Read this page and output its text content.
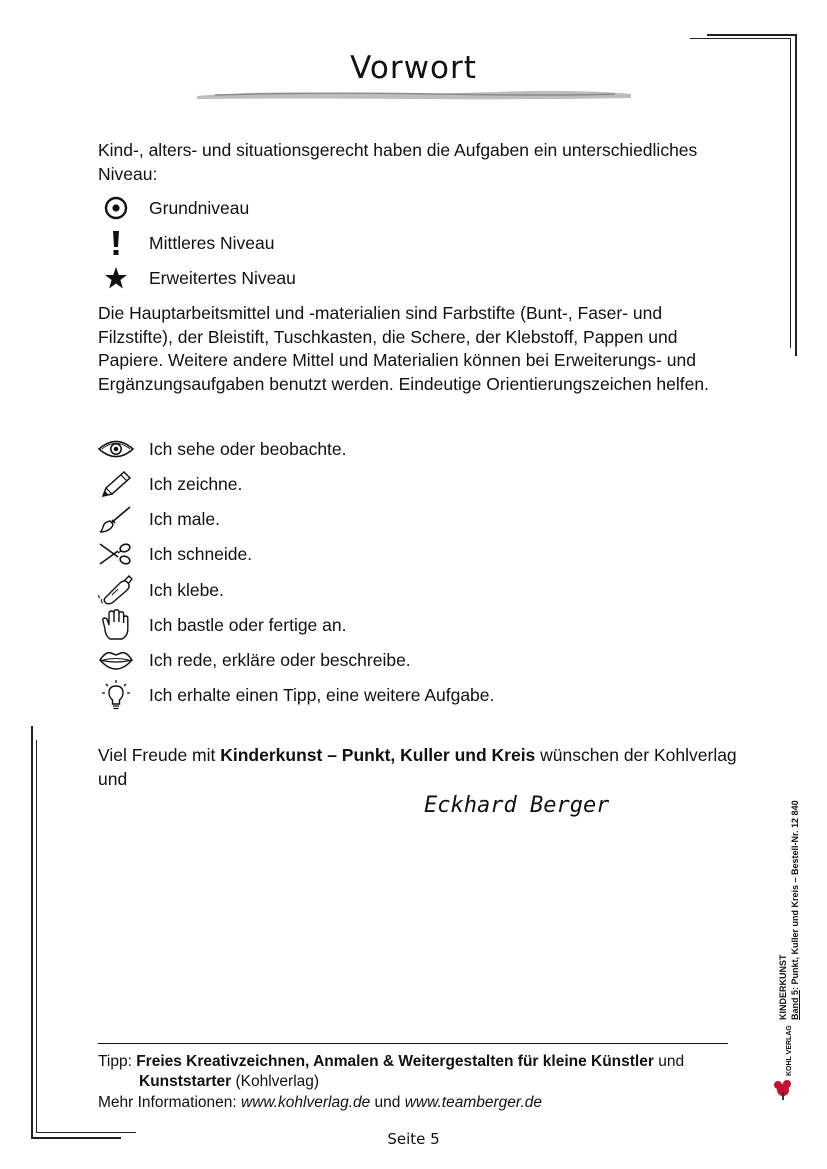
Vorwort

Kind-, alters- und situationsgerecht haben die Aufgaben ein unterschiedliches Niveau:

Grundniveau
Mittleres Niveau
Erweitertes Niveau

Die Hauptarbeitsmittel und -materialien sind Farbstifte (Bunt-, Faser- und Filzstifte), der Bleistift, Tuschkasten, die Schere, der Klebstoff, Pappen und Papiere. Weitere andere Mittel und Materialien können bei Erweiterungs- und Ergänzungsaufgaben benutzt werden. Eindeutige Orientierungszeichen helfen.

Ich sehe oder beobachte.
Ich zeichne.
Ich male.
Ich schneide.
Ich klebe.
Ich bastle oder fertige an.
Ich rede, erkläre oder beschreibe.
Ich erhalte einen Tipp, eine weitere Aufgabe.

Viel Freude mit Kinderkunst – Punkt, Kuller und Kreis wünschen der Kohlverlag und

Eckhard Berger
Tipp: Freies Kreativzeichnen, Anmalen & Weitergestalten für kleine Künstler und
Kunststarter (Kohlverlag)
Mehr Informationen: www.kohlverlag.de und www.teamberger.de
Seite 5
KINDERKUNST Band 5: Punkt, Kuller und Kreis – Bestell-Nr. 12 840
KOHL VERLAG
